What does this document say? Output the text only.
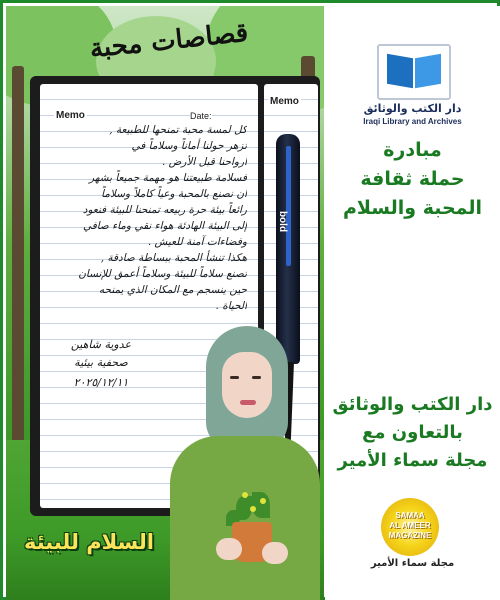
قصاصات محبة
Memo	Date:
Memo

كل لمسة محبة تمنحها للطبيعة ,

تزهر حولنا أماناً وسلاماً في

أرواحنا قبل الأرض .

فسلامة طبيعتنا هو مهمة جميعاً بشهر

أن نصنع بالمحبة وعياً كاملاً وسلاماً

رائعاً بيئة حرة ربيعه تمنحنا للبيئة فنعود

إلى البيئة الهادئة هواء نقي وماء صافي

وفضاءات آمنة للعيش .

هكذا تنشأ المحبة ببساطة صادقة ,

تصنع سلاماً للبيئة وسلاماً أعمق للإنسان

حين ينسجم مع المكان الذي يمنحه

الحياة .

عدوية شاهين
صحفية بيئية
٢٠٢٥/١٢/١١
bold
السلام للبيئة
دار الكتب والوثائق
Iraqi Library and Archives
مبادرة
حملة ثقافة
المحبة والسلام
دار الكتب والوثائق
بالتعاون مع
مجلة سماء الأمير
SAMAA
AL AMEER
MAGAZINE
مجلة سماء الأمير
